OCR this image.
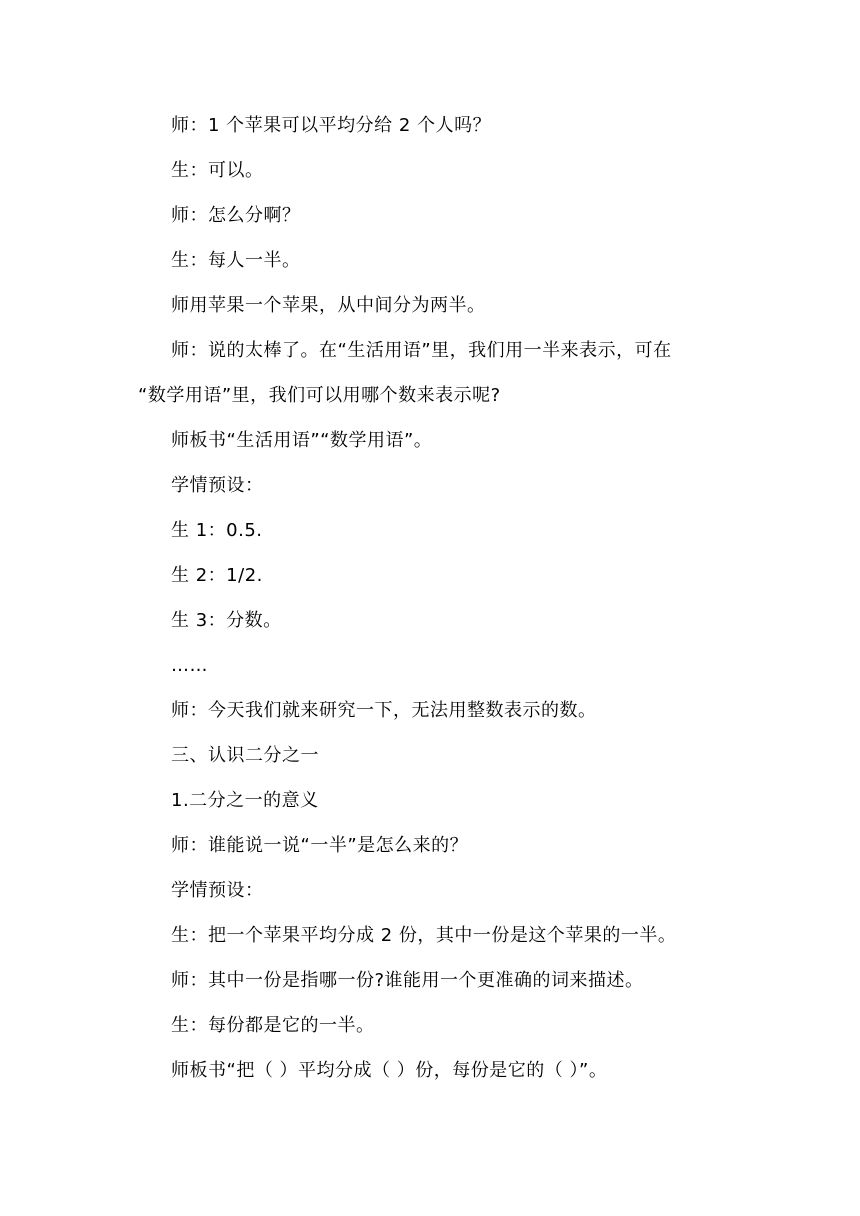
师：1 个苹果可以平均分给 2 个人吗？
生：可以。
师：怎么分啊？
生：每人一半。
师用苹果一个苹果，从中间分为两半。
师：说的太棒了。在“生活用语”里，我们用一半来表示，可在
“数学用语”里，我们可以用哪个数来表示呢?
师板书“生活用语”“数学用语”。
学情预设：
生 1：0.5.
生 2：1/2.
生 3：分数。
……
师：今天我们就来研究一下，无法用整数表示的数。
三、认识二分之一
1.二分之一的意义
师：谁能说一说“一半”是怎么来的？
学情预设：
生：把一个苹果平均分成 2 份，其中一份是这个苹果的一半。
师：其中一份是指哪一份?谁能用一个更准确的词来描述。
生：每份都是它的一半。
师板书“把（ ）平均分成（ ）份，每份是它的（ ）”。
